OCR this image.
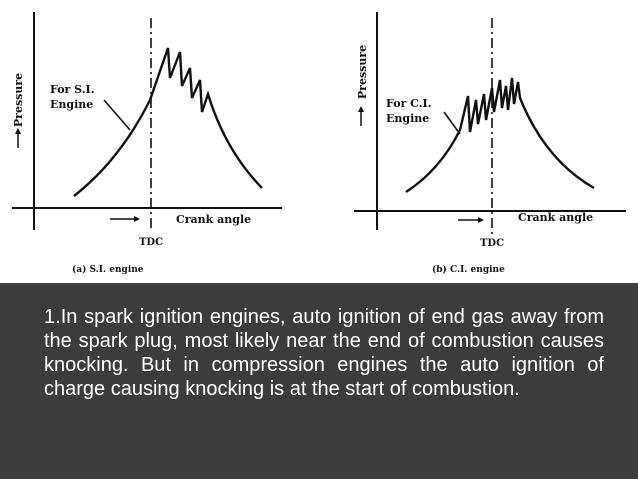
Pressure For S.I.
Engine
Crank angle
TDC
(a) S.I. engine
Pressure
For C.I.
Engine
Crank angle
TDC
(b) C.I. engine

1.In spark ignition engines, auto ignition of end gas away from the spark plug, most likely near the end of combustion causes knocking. But in compression engines the auto ignition of charge causing knocking is at the start of combustion.
